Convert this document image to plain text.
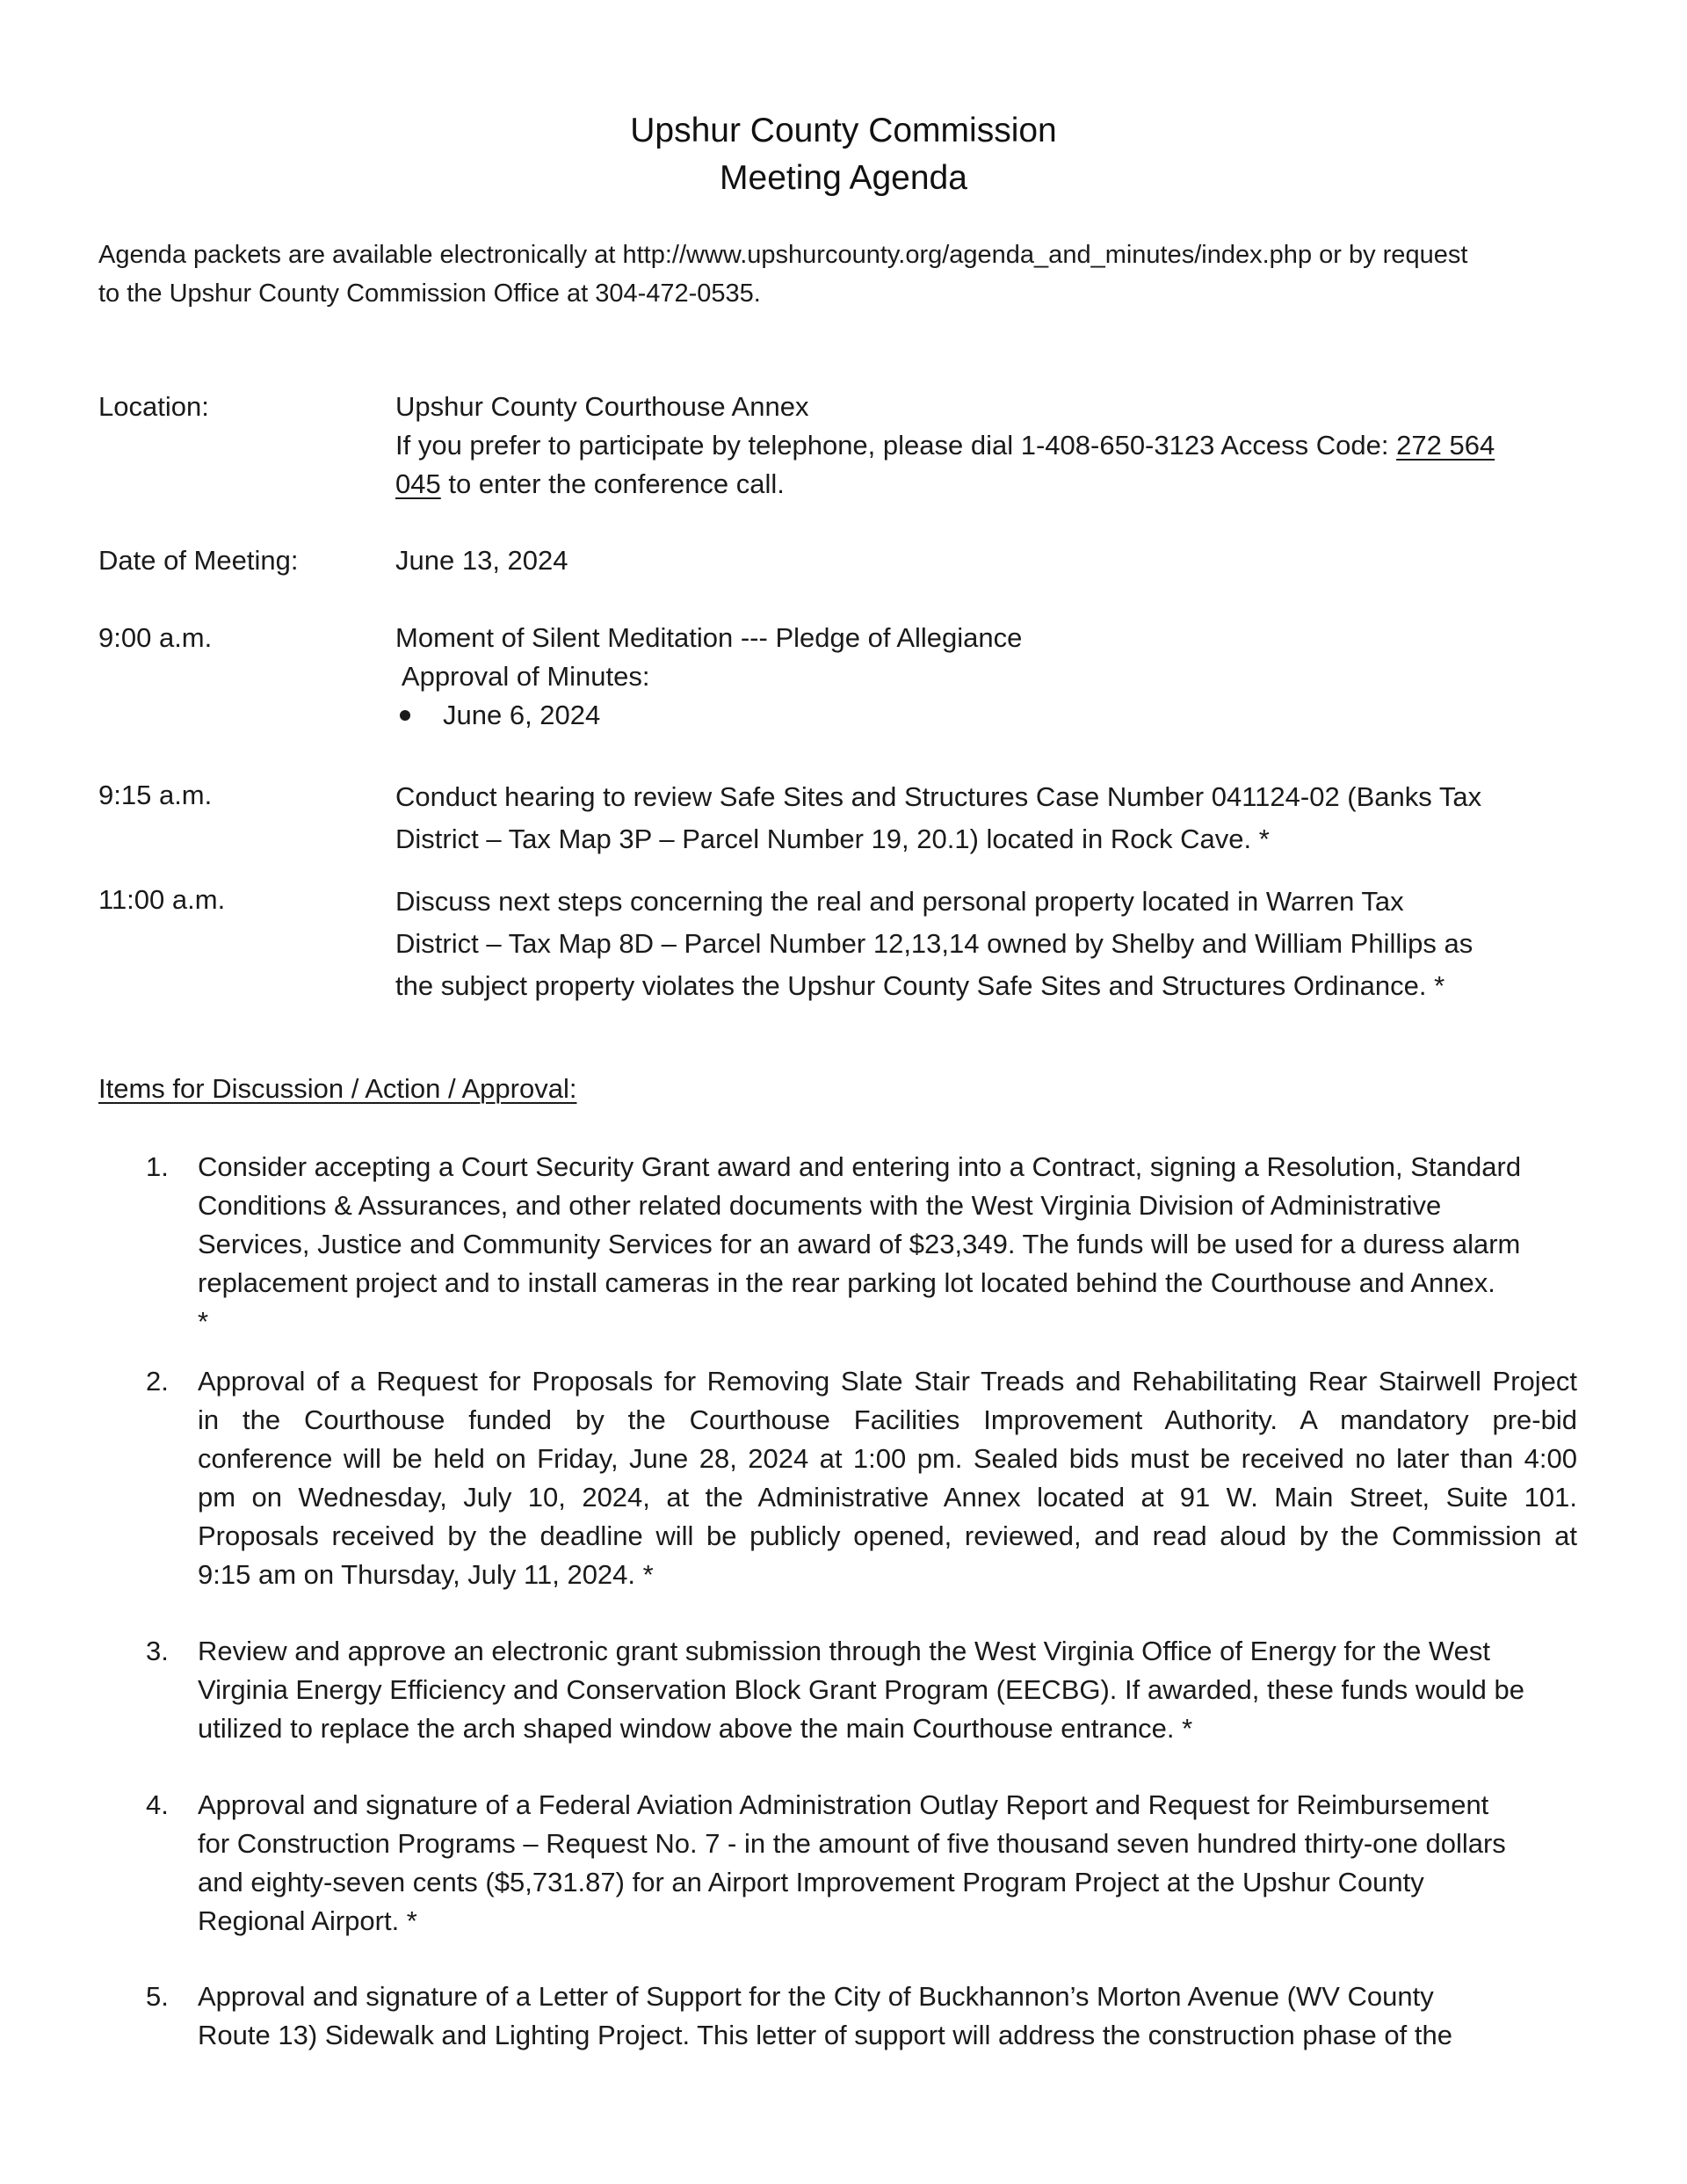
Upshur County Commission
Meeting Agenda
Agenda packets are available electronically at http://www.upshurcounty.org/agenda_and_minutes/index.php or by request
to the Upshur County Commission Office at 304-472-0535.
Location:	Upshur County Courthouse Annex
If you prefer to participate by telephone, please dial 1-408-650-3123 Access Code: 272 564
045 to enter the conference call.
Date of Meeting:	June 13, 2024
9:00 a.m.	Moment of Silent Meditation --- Pledge of Allegiance
Approval of Minutes:
June 6, 2024
9:15 a.m.	Conduct hearing to review Safe Sites and Structures Case Number 041124-02 (Banks Tax
District – Tax Map 3P – Parcel Number 19, 20.1) located in Rock Cave. *
11:00 a.m.	Discuss next steps concerning the real and personal property located in Warren Tax
District – Tax Map 8D – Parcel Number 12,13,14 owned by Shelby and William Phillips as
the subject property violates the Upshur County Safe Sites and Structures Ordinance. *
Items for Discussion / Action / Approval:
1.	Consider accepting a Court Security Grant award and entering into a Contract, signing a Resolution, Standard
Conditions & Assurances, and other related documents with the West Virginia Division of Administrative
Services, Justice and Community Services for an award of $23,349. The funds will be used for a duress alarm
replacement project and to install cameras in the rear parking lot located behind the Courthouse and Annex.
*
2.	Approval of a Request for Proposals for Removing Slate Stair Treads and Rehabilitating Rear Stairwell Project
in the Courthouse funded by the Courthouse Facilities Improvement Authority. A mandatory pre-bid
conference will be held on Friday, June 28, 2024 at 1:00 pm. Sealed bids must be received no later than 4:00
pm on Wednesday, July 10, 2024, at the Administrative Annex located at 91 W. Main Street, Suite 101.
Proposals received by the deadline will be publicly opened, reviewed, and read aloud by the Commission at
9:15 am on Thursday, July 11, 2024. *
3.	Review and approve an electronic grant submission through the West Virginia Office of Energy for the West
Virginia Energy Efficiency and Conservation Block Grant Program (EECBG). If awarded, these funds would be
utilized to replace the arch shaped window above the main Courthouse entrance. *
4.	Approval and signature of a Federal Aviation Administration Outlay Report and Request for Reimbursement
for Construction Programs – Request No. 7 - in the amount of five thousand seven hundred thirty-one dollars
and eighty-seven cents ($5,731.87) for an Airport Improvement Program Project at the Upshur County
Regional Airport. *
5.	Approval and signature of a Letter of Support for the City of Buckhannon’s Morton Avenue (WV County
Route 13) Sidewalk and Lighting Project. This letter of support will address the construction phase of the
